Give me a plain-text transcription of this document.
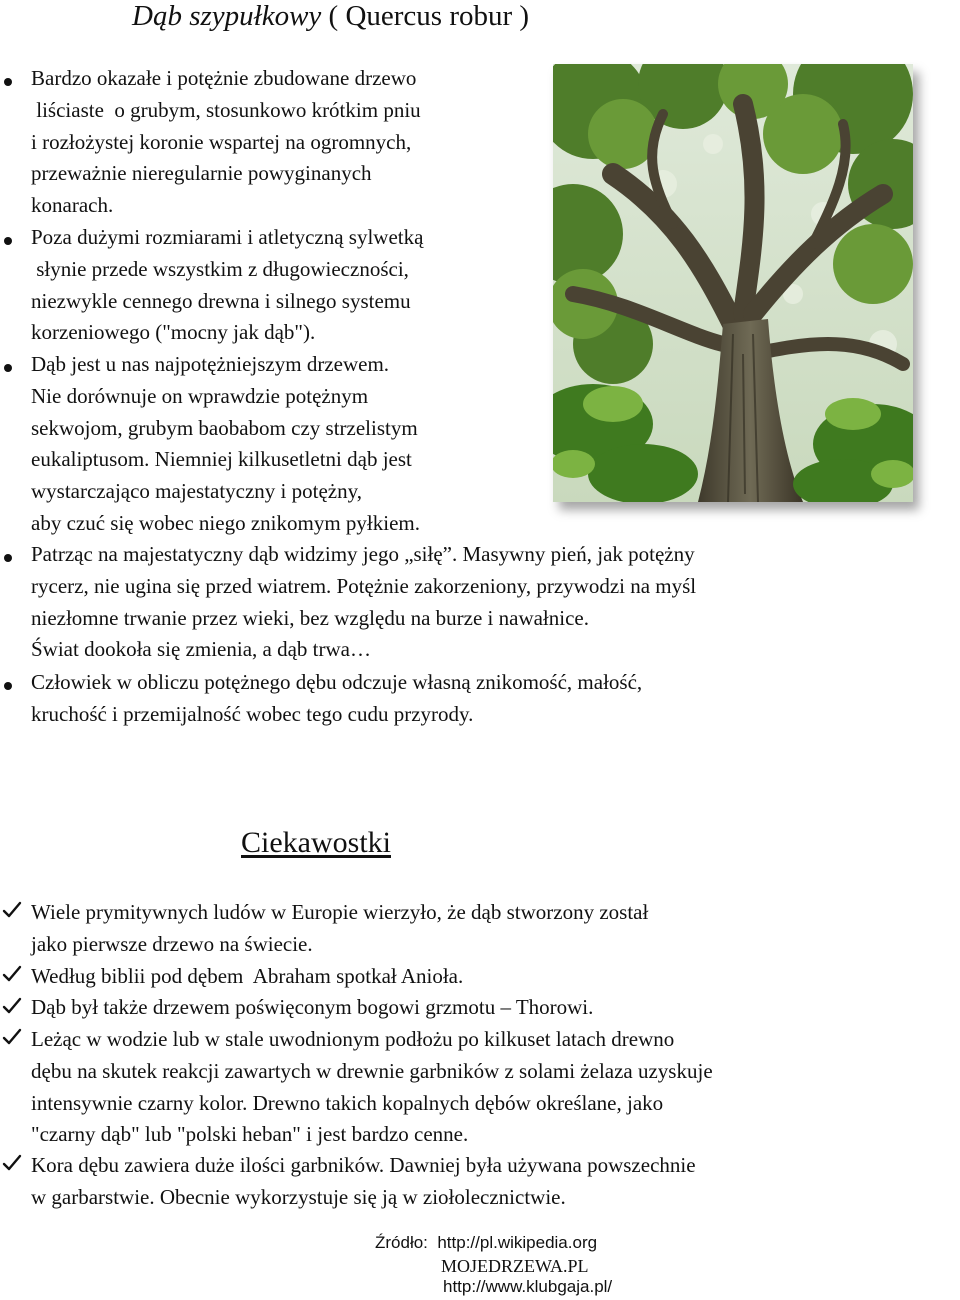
Dąb szypułkowy ( Quercus robur )

Bardzo okazałe i potężnie zbudowane drzewo
liściaste  o grubym, stosunkowo krótkim pniu
i rozłożystej koronie wspartej na ogromnych,
przeważnie nieregularnie powyginanych
konarach.

Poza dużymi rozmiarami i atletyczną sylwetką
słynie przede wszystkim z długowieczności,
niezwykle cennego drewna i silnego systemu
korzeniowego ("mocny jak dąb").

Dąb jest u nas najpotężniejszym drzewem.
Nie dorównuje on wprawdzie potężnym
sekwojom, grubym baobabom czy strzelistym
eukaliptusom. Niemniej kilkusetletni dąb jest
wystarczająco majestatyczny i potężny,
aby czuć się wobec niego znikomym pyłkiem.

Patrząc na majestatyczny dąb widzimy jego „siłę”. Masywny pień, jak potężny
rycerz, nie ugina się przed wiatrem. Potężnie zakorzeniony, przywodzi na myśl
niezłomne trwanie przez wieki, bez względu na burze i nawałnice.
Świat dookoła się zmienia, a dąb trwa…

Człowiek w obliczu potężnego dębu odczuje własną znikomość, małość,
kruchość i przemijalność wobec tego cudu przyrody.

Ciekawostki

Wiele prymitywnych ludów w Europie wierzyło, że dąb stworzony został
jako pierwsze drzewo na świecie.

Według biblii pod dębem  Abraham spotkał Anioła.

Dąb był także drzewem poświęconym bogowi grzmotu – Thorowi.

Leżąc w wodzie lub w stale uwodnionym podłożu po kilkuset latach drewno
dębu na skutek reakcji zawartych w drewnie garbników z solami żelaza uzyskuje
intensywnie czarny kolor. Drewno takich kopalnych dębów określane, jako
"czarny dąb" lub "polski heban" i jest bardzo cenne.

Kora dębu zawiera duże ilości garbników. Dawniej była używana powszechnie
w garbarstwie. Obecnie wykorzystuje się ją w ziołolecznictwie.

Źródło:  http://pl.wikipedia.org
MOJEDRZEWA.PL
http://www.klubgaja.pl/
